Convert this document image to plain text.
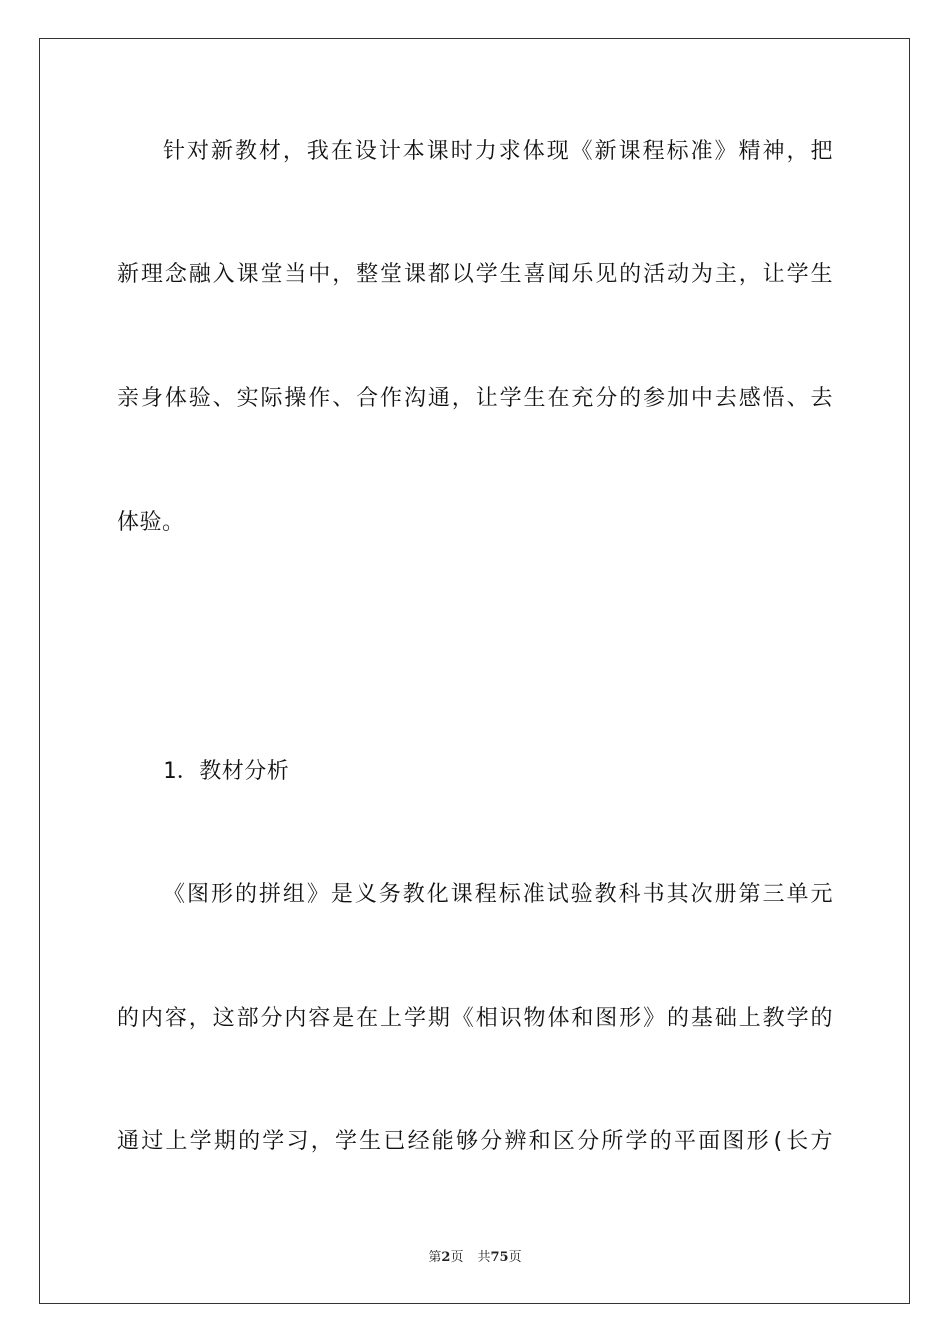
针对新教材，我在设计本课时力求体现《新课程标准》精神，把
新理念融入课堂当中，整堂课都以学生喜闻乐见的活动为主，让学生
亲身体验、实际操作、合作沟通，让学生在充分的参加中去感悟、去
体验。
1．教材分析
《图形的拼组》是义务教化课程标准试验教科书其次册第三单元
的内容，这部分内容是在上学期《相识物体和图形》的基础上教学的
通过上学期的学习，学生已经能够分辨和区分所学的平面图形(长方
第2页 共75页
